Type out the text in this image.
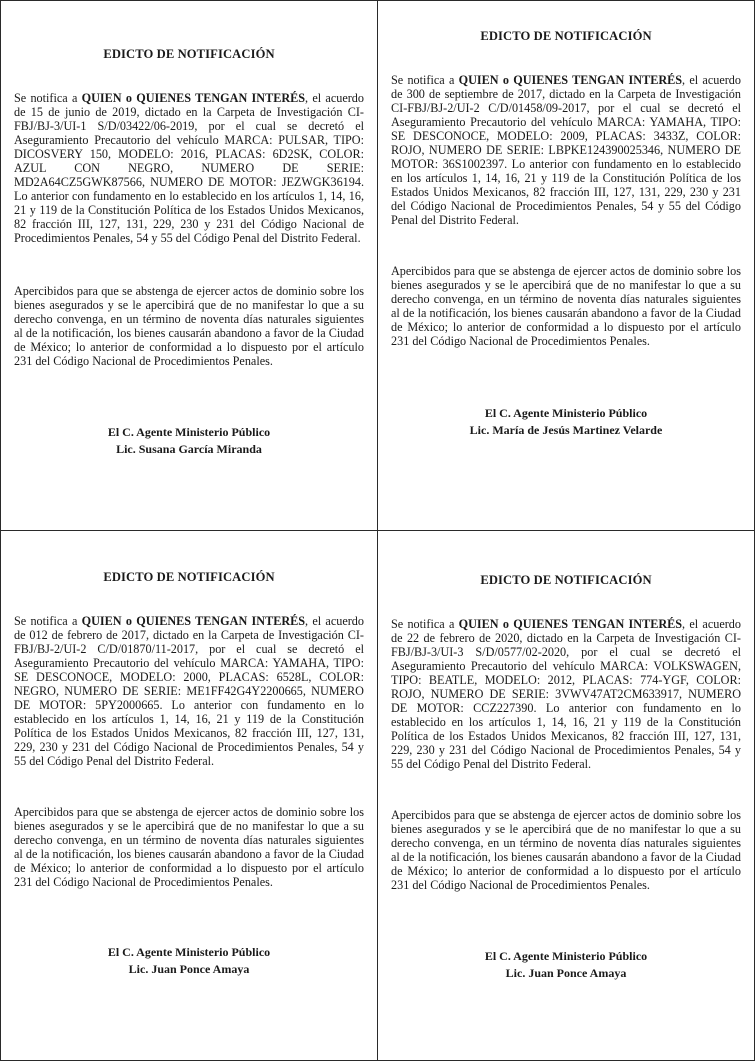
EDICTO DE NOTIFICACIÓN

Se notifica a QUIEN o QUIENES TENGAN INTERÉS, el acuerdo de 15 de junio de 2019, dictado en la Carpeta de Investigación CI-FBJ/BJ-3/UI-1 S/D/03422/06-2019, por el cual se decretó el Aseguramiento Precautorio del vehículo MARCA: PULSAR, TIPO: DICOSVERY 150, MODELO: 2016, PLACAS: 6D2SK, COLOR: AZUL CON NEGRO, NUMERO DE SERIE: MD2A64CZ5GWK87566, NUMERO DE MOTOR: JEZWGK36194. Lo anterior con fundamento en lo establecido en los artículos 1, 14, 16, 21 y 119 de la Constitución Política de los Estados Unidos Mexicanos, 82 fracción III, 127, 131, 229, 230 y 231 del Código Nacional de Procedimientos Penales, 54 y 55 del Código Penal del Distrito Federal.

Apercibidos para que se abstenga de ejercer actos de dominio sobre los bienes asegurados y se le apercibirá que de no manifestar lo que a su derecho convenga, en un término de noventa días naturales siguientes al de la notificación, los bienes causarán abandono a favor de la Ciudad de México; lo anterior de conformidad a lo dispuesto por el artículo 231 del Código Nacional de Procedimientos Penales.

El C. Agente Ministerio Público
Lic. Susana García Miranda

EDICTO DE NOTIFICACIÓN

Se notifica a QUIEN o QUIENES TENGAN INTERÉS, el acuerdo de 300 de septiembre de 2017, dictado en la Carpeta de Investigación CI-FBJ/BJ-2/UI-2 C/D/01458/09-2017, por el cual se decretó el Aseguramiento Precautorio del vehículo MARCA: YAMAHA, TIPO: SE DESCONOCE, MODELO: 2009, PLACAS: 3433Z, COLOR: ROJO, NUMERO DE SERIE: LBPKE124390025346, NUMERO DE MOTOR: 36S1002397. Lo anterior con fundamento en lo establecido en los artículos 1, 14, 16, 21 y 119 de la Constitución Política de los Estados Unidos Mexicanos, 82 fracción III, 127, 131, 229, 230 y 231 del Código Nacional de Procedimientos Penales, 54 y 55 del Código Penal del Distrito Federal.

Apercibidos para que se abstenga de ejercer actos de dominio sobre los bienes asegurados y se le apercibirá que de no manifestar lo que a su derecho convenga, en un término de noventa días naturales siguientes al de la notificación, los bienes causarán abandono a favor de la Ciudad de México; lo anterior de conformidad a lo dispuesto por el artículo 231 del Código Nacional de Procedimientos Penales.

El C. Agente Ministerio Público
Lic. María de Jesús Martinez Velarde

EDICTO DE NOTIFICACIÓN

Se notifica a QUIEN o QUIENES TENGAN INTERÉS, el acuerdo de 012 de febrero de 2017, dictado en la Carpeta de Investigación CI-FBJ/BJ-2/UI-2 C/D/01870/11-2017, por el cual se decretó el Aseguramiento Precautorio del vehículo MARCA: YAMAHA, TIPO: SE DESCONOCE, MODELO: 2000, PLACAS: 6528L, COLOR: NEGRO, NUMERO DE SERIE: ME1FF42G4Y2200665, NUMERO DE MOTOR: 5PY2000665. Lo anterior con fundamento en lo establecido en los artículos 1, 14, 16, 21 y 119 de la Constitución Política de los Estados Unidos Mexicanos, 82 fracción III, 127, 131, 229, 230 y 231 del Código Nacional de Procedimientos Penales, 54 y 55 del Código Penal del Distrito Federal.

Apercibidos para que se abstenga de ejercer actos de dominio sobre los bienes asegurados y se le apercibirá que de no manifestar lo que a su derecho convenga, en un término de noventa días naturales siguientes al de la notificación, los bienes causarán abandono a favor de la Ciudad de México; lo anterior de conformidad a lo dispuesto por el artículo 231 del Código Nacional de Procedimientos Penales.

El C. Agente Ministerio Público
Lic. Juan Ponce Amaya

EDICTO DE NOTIFICACIÓN

Se notifica a QUIEN o QUIENES TENGAN INTERÉS, el acuerdo de 22 de febrero de 2020, dictado en la Carpeta de Investigación CI-FBJ/BJ-3/UI-3 S/D/0577/02-2020, por el cual se decretó el Aseguramiento Precautorio del vehículo MARCA: VOLKSWAGEN, TIPO: BEATLE, MODELO: 2012, PLACAS: 774-YGF, COLOR: ROJO, NUMERO DE SERIE: 3VWV47AT2CM633917, NUMERO DE MOTOR: CCZ227390. Lo anterior con fundamento en lo establecido en los artículos 1, 14, 16, 21 y 119 de la Constitución Política de los Estados Unidos Mexicanos, 82 fracción III, 127, 131, 229, 230 y 231 del Código Nacional de Procedimientos Penales, 54 y 55 del Código Penal del Distrito Federal.

Apercibidos para que se abstenga de ejercer actos de dominio sobre los bienes asegurados y se le apercibirá que de no manifestar lo que a su derecho convenga, en un término de noventa días naturales siguientes al de la notificación, los bienes causarán abandono a favor de la Ciudad de México; lo anterior de conformidad a lo dispuesto por el artículo 231 del Código Nacional de Procedimientos Penales.

El C. Agente Ministerio Público
Lic. Juan Ponce Amaya
